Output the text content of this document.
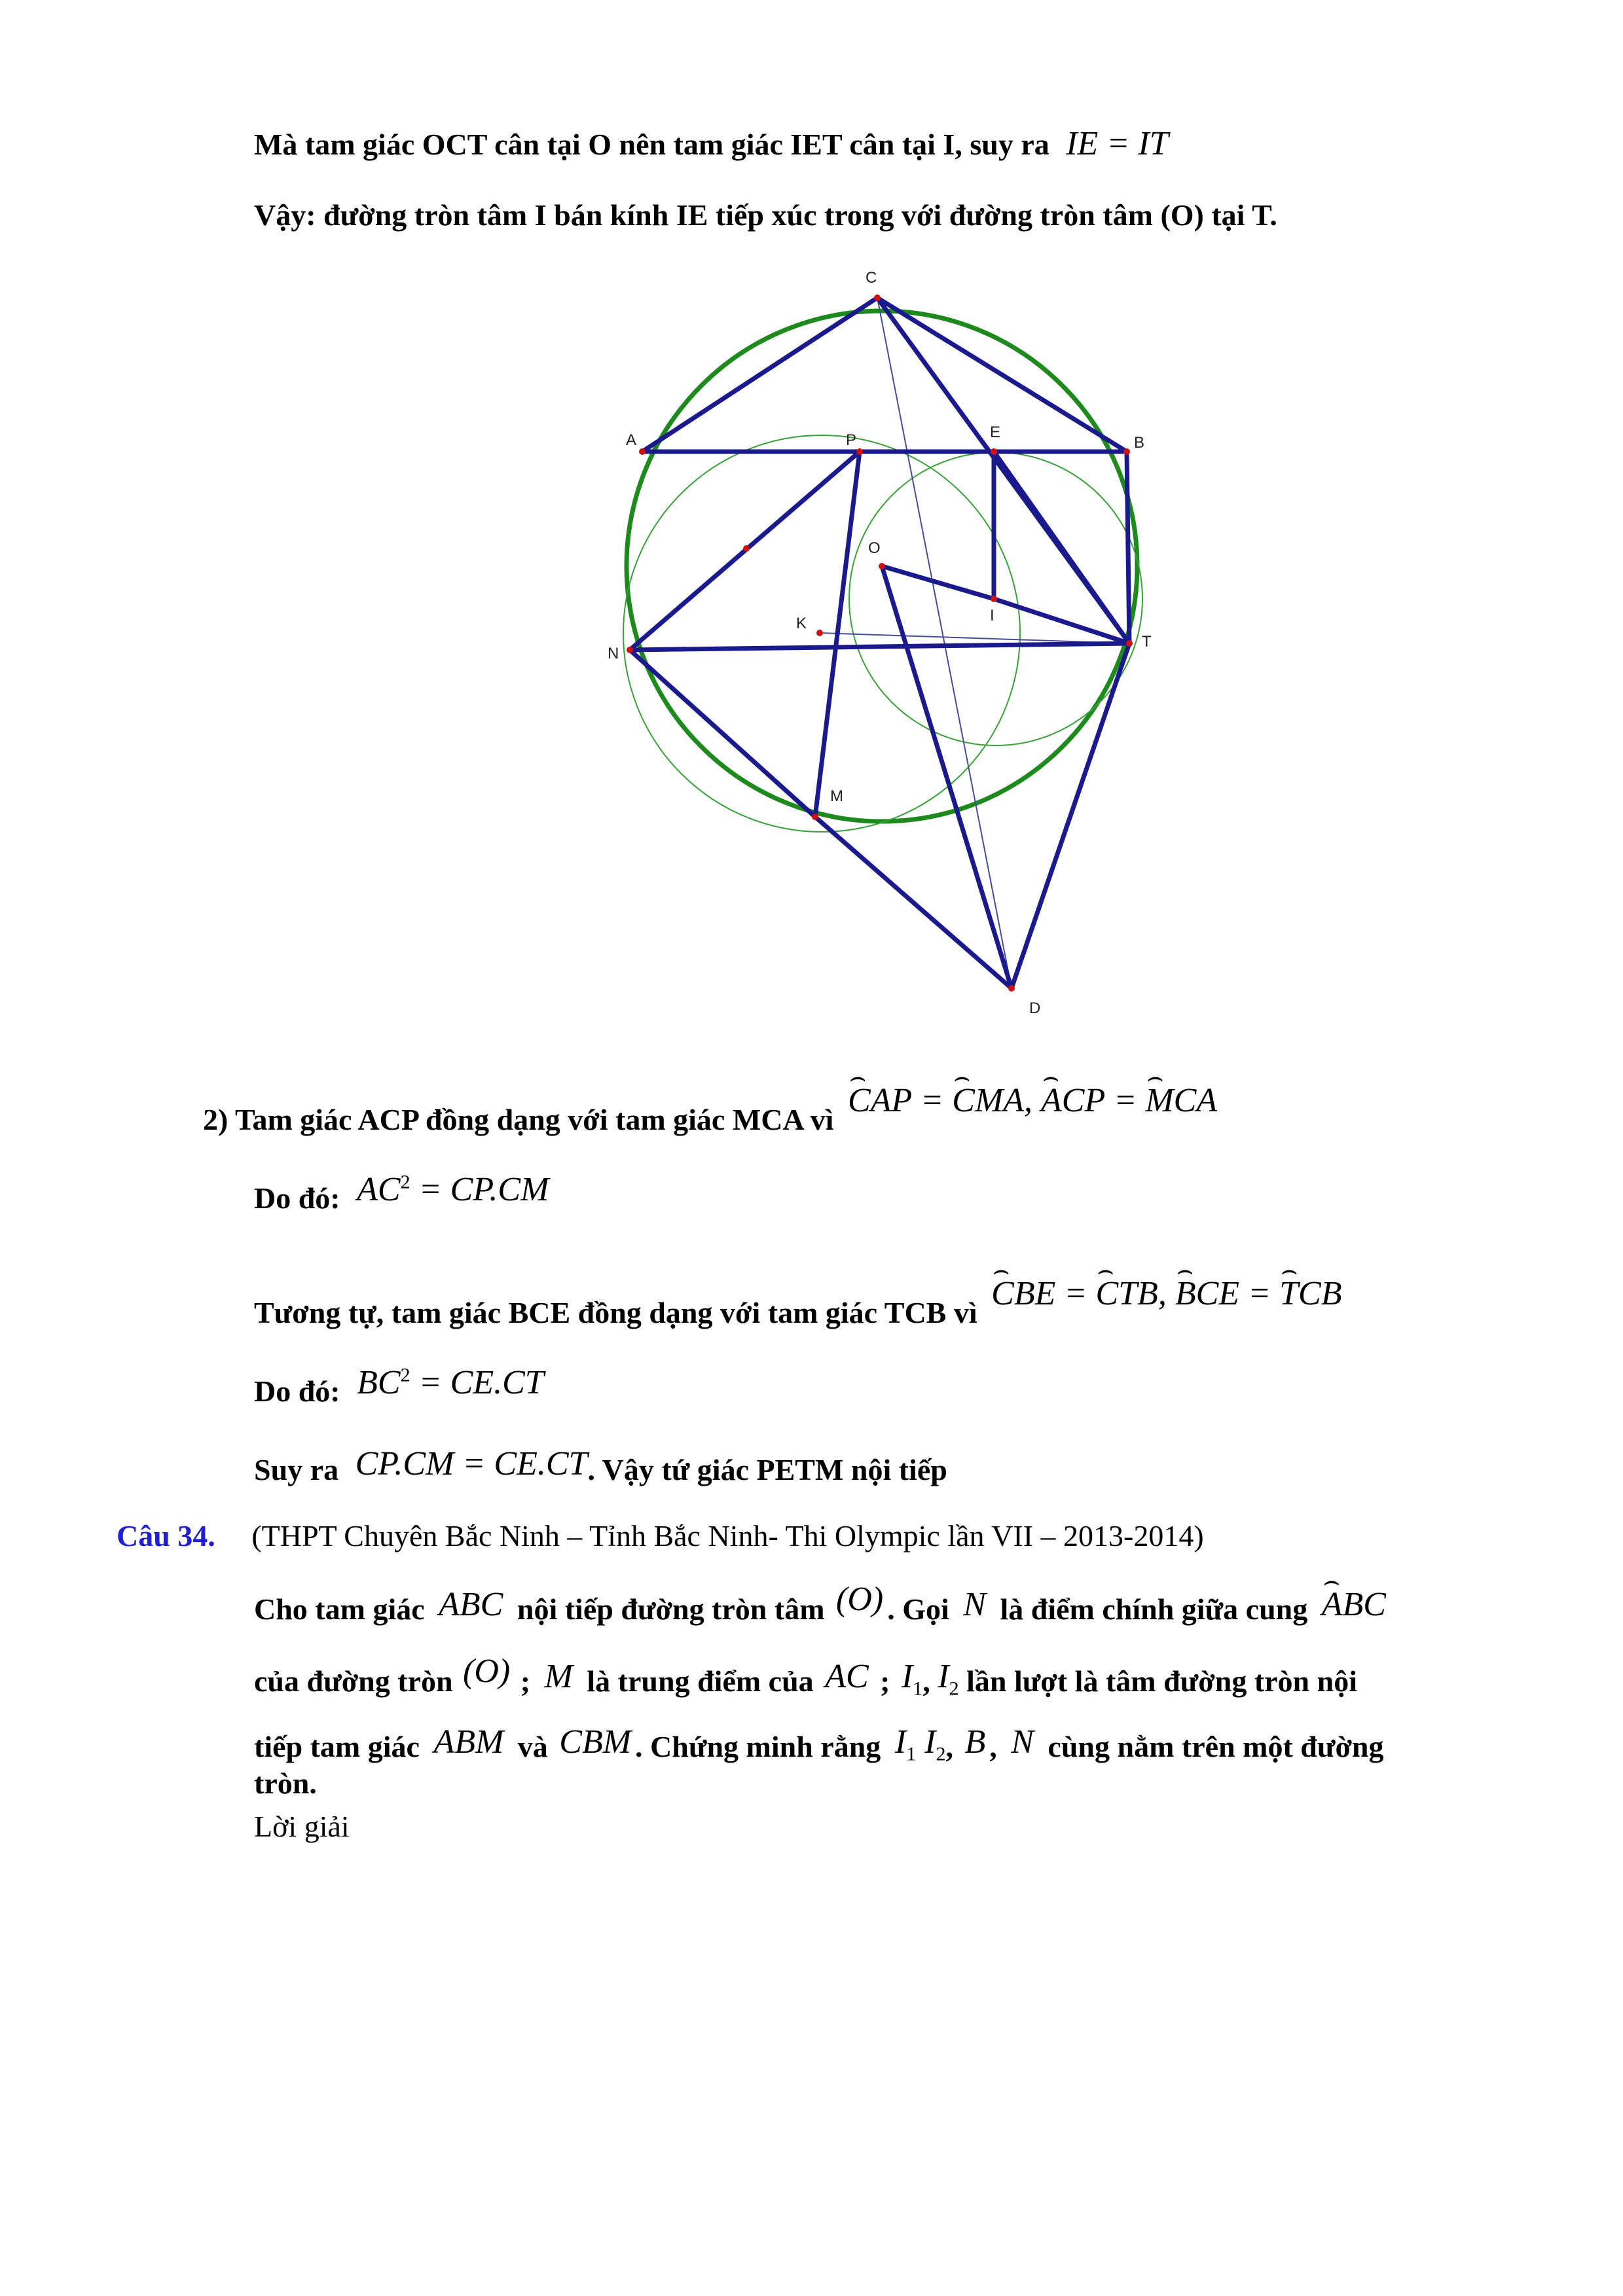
Mà tam giác OCT cân tại O nên tam giác IET cân tại I, suy ra IE = IT
Vậy: đường tròn tâm I bán kính IE tiếp xúc trong với đường tròn tâm (O) tại T.
C
A	P	E
B
O
I
K
N
T
M
D
2) Tam giác ACP đồng dạng với tam giác MCA vì ⌢ CAP = ⌢ CMA, ⌢ ACP = ⌢ MCA
Do đó: $AC^2 = CP.CM$
Tương tự, tam giác BCE đồng dạng với tam giác TCB vì ⌢ CBE = ⌢ CTB, ⌢ BCE = ⌢ TCB
Do đó: $BC^2 = CE.CT$
Suy ra CP.CM = CE.CT. Vậy tứ giác PETM nội tiếp
Câu 34. (THPT Chuyên Bắc Ninh – Tỉnh Bắc Ninh- Thi Olympic lần VII – 2013-2014)
Cho tam giác ABC nội tiếp đường tròn tâm (O) . Gọi N là điểm chính giữa cung ⌢ ABC
của đường tròn (O) ; M là trung điểm của AC ; $I_1$, $I_2$ lần lượt là tâm đường tròn nội
tiếp tam giác ABM và CBM . Chứng minh rằng $I_1$ $I_2$, B , N cùng nằm trên một đường
tròn.
Lời giải
